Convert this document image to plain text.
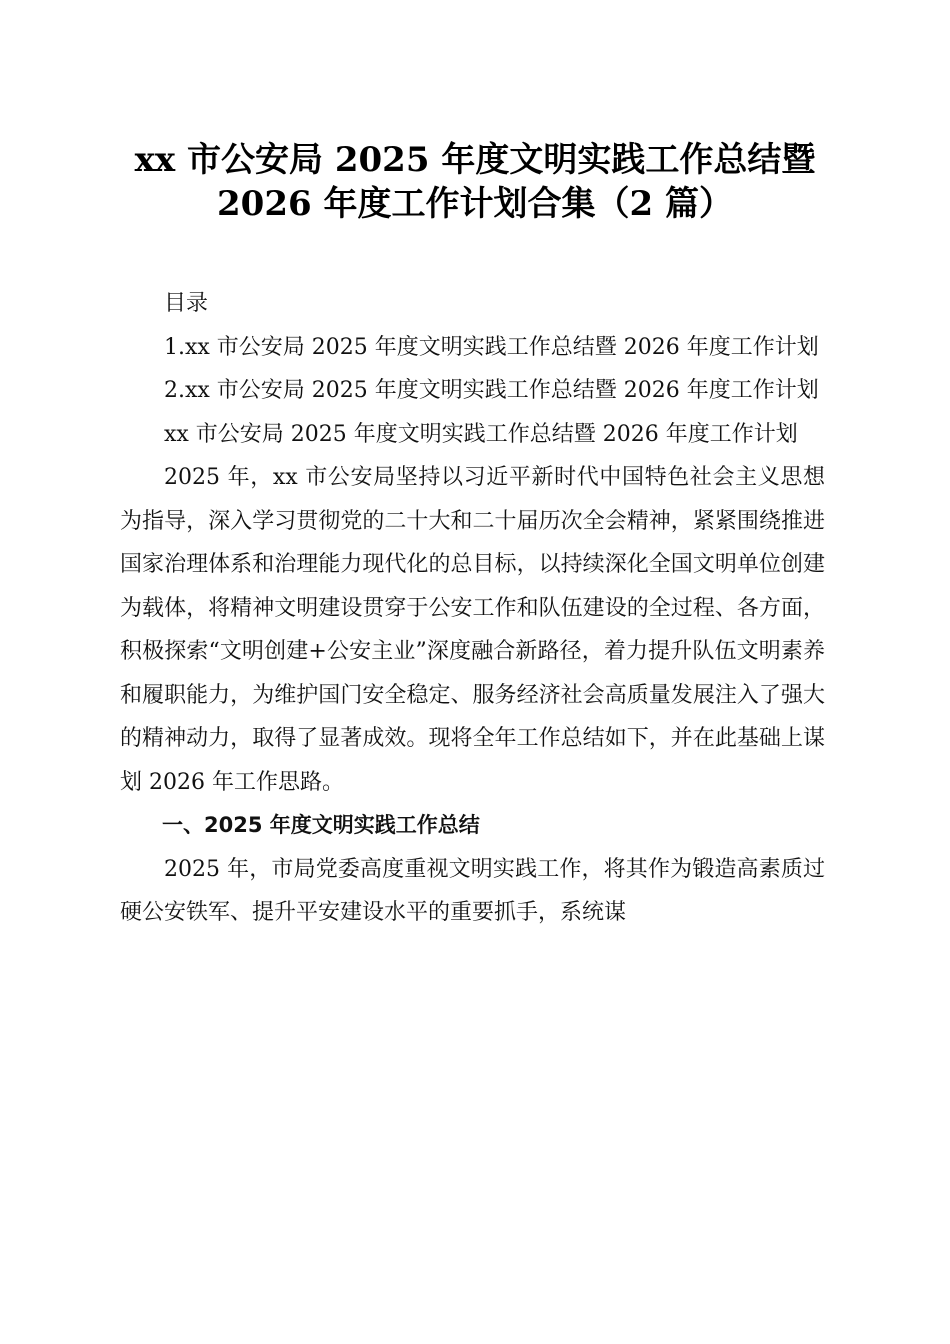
xx 市公安局 2025 年度文明实践工作总结暨
2026 年度工作计划合集（2 篇）

目录

1.xx 市公安局 2025 年度文明实践工作总结暨 2026 年度工作计划

2.xx 市公安局 2025 年度文明实践工作总结暨 2026 年度工作计划

xx 市公安局 2025 年度文明实践工作总结暨 2026 年度工作计划

2025 年，xx 市公安局坚持以习近平新时代中国特色社会主义思想为指导，深入学习贯彻党的二十大和二十届历次全会精神，紧紧围绕推进国家治理体系和治理能力现代化的总目标，以持续深化全国文明单位创建为载体，将精神文明建设贯穿于公安工作和队伍建设的全过程、各方面，积极探索“文明创建+公安主业”深度融合新路径，着力提升队伍文明素养和履职能力，为维护国门安全稳定、服务经济社会高质量发展注入了强大的精神动力，取得了显著成效。现将全年工作总结如下，并在此基础上谋划 2026 年工作思路。

一、2025 年度文明实践工作总结

2025 年，市局党委高度重视文明实践工作，将其作为锻造高素质过硬公安铁军、提升平安建设水平的重要抓手，系统谋
